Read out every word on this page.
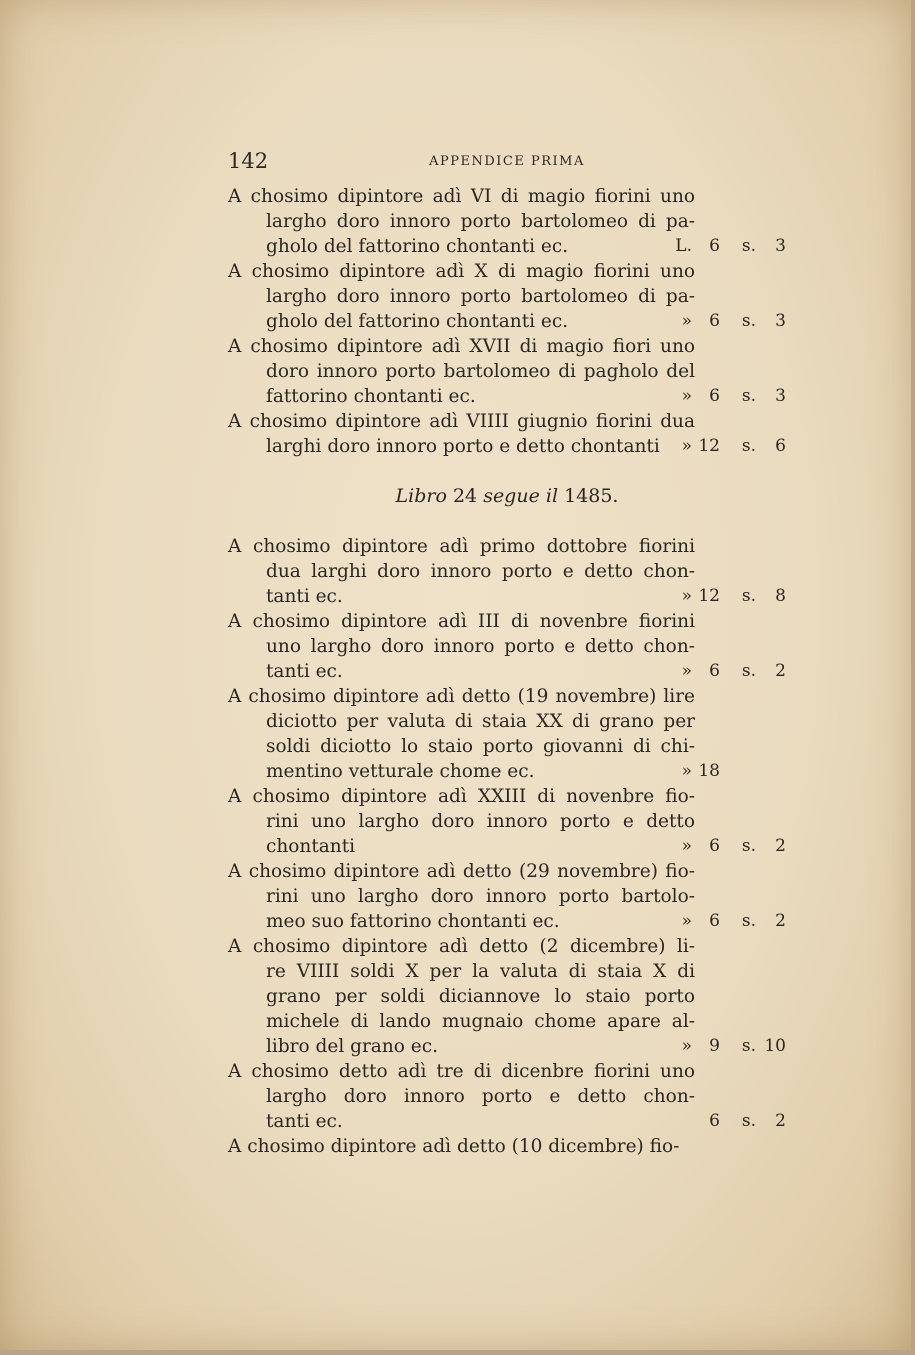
142	APPENDICE PRIMA
A chosimo dipintore adì VI di magio fiorini uno
largho doro innoro porto bartolomeo di pa-
gholo del fattorino chontanti ec.	L. 6 s. 3
A chosimo dipintore adì X di magio fiorini uno
largho doro innoro porto bartolomeo di pa-
gholo del fattorino chontanti ec.	» 6 s. 3
A chosimo dipintore adì XVII di magio fiori uno
doro innoro porto bartolomeo di pagholo del
fattorino chontanti ec.	» 6 s. 3
A chosimo dipintore adì VIIII giugnio fiorini dua
larghi doro innoro porto e detto chontanti	» 12 s. 6
A chosimo dipintore adì primo dottobre fiorini
dua larghi doro innoro porto e detto chon-
tanti ec.	» 12 s. 8
A chosimo dipintore adì III di novenbre fiorini
uno largho doro innoro porto e detto chon-
tanti ec.	» 6 s. 2
A chosimo dipintore adì detto (19 novembre) lire
diciotto per valuta di staia XX di grano per
soldi diciotto lo staio porto giovanni di chi-
mentino vetturale chome ec.	» 18
A chosimo dipintore adì XXIII di novenbre fio-
rini uno largho doro innoro porto e detto
chontanti	» 6 s. 2
A chosimo dipintore adì detto (29 novembre) fio-
rini uno largho doro innoro porto bartolo-
meo suo fattorino chontanti ec.	» 6 s. 2
A chosimo dipintore adì detto (2 dicembre) li-
re VIIII soldi X per la valuta di staia X di
grano per soldi diciannove lo staio porto
michele di lando mugnaio chome apare al-
libro del grano ec.	» 9 s. 10
A chosimo detto adì tre di dicenbre fiorini uno
largho doro innoro porto e detto chon-
tanti ec.	6 s. 2
A chosimo dipintore adì detto (10 dicembre) fio-
Libro 24 segue il 1485.
